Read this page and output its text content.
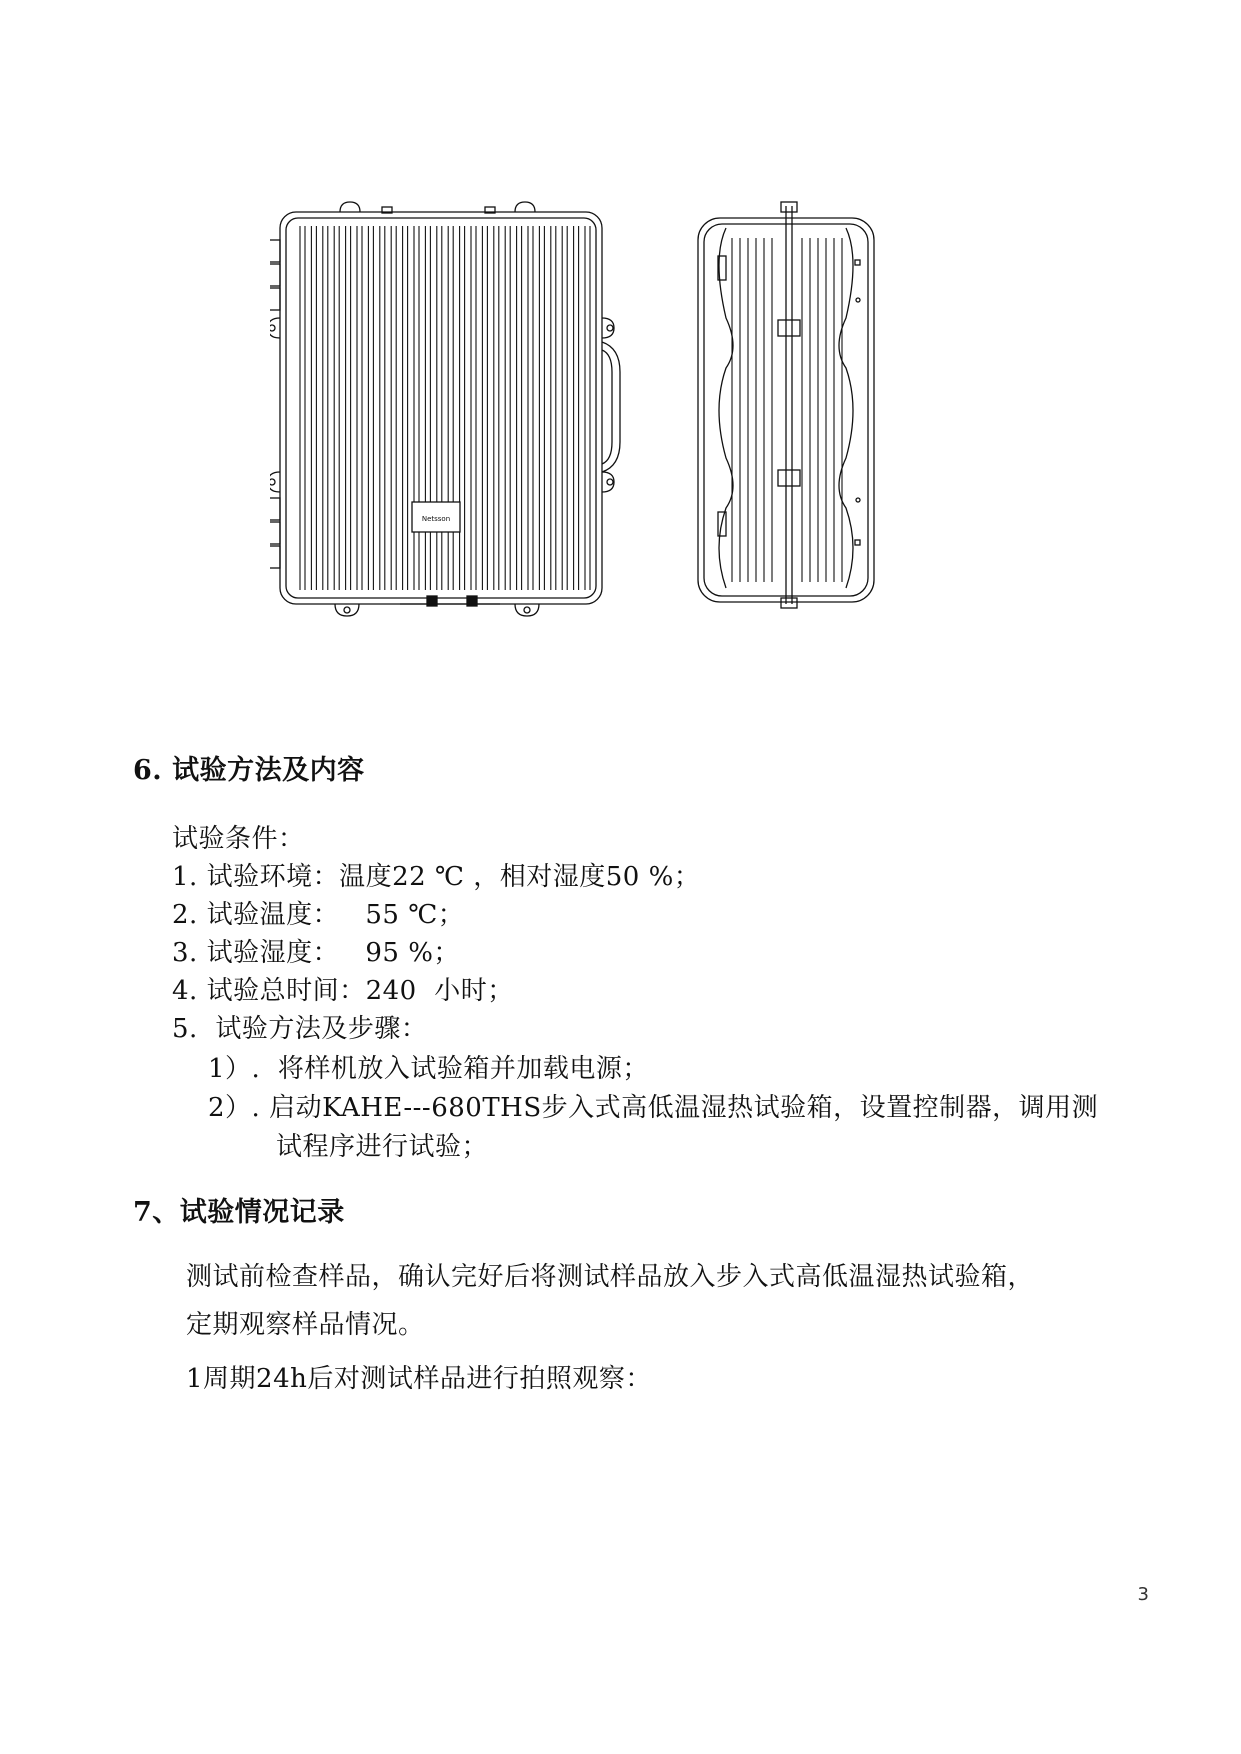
Netsson
6. 试验方法及内容
试验条件：
1. 试验环境：温度22 ℃ ，相对湿度50 %；
2. 试验温度：   55 ℃；
3. 试验湿度：   95 %；
4. 试验总时间：240  小时；
5.  试验方法及步骤：
1）.  将样机放入试验箱并加载电源；
2）. 启动KAHE---680THS步入式高低温湿热试验箱，设置控制器，调用测
试程序进行试验；
7、试验情况记录
测试前检查样品，确认完好后将测试样品放入步入式高低温湿热试验箱，
定期观察样品情况。
1周期24h后对测试样品进行拍照观察：
3
